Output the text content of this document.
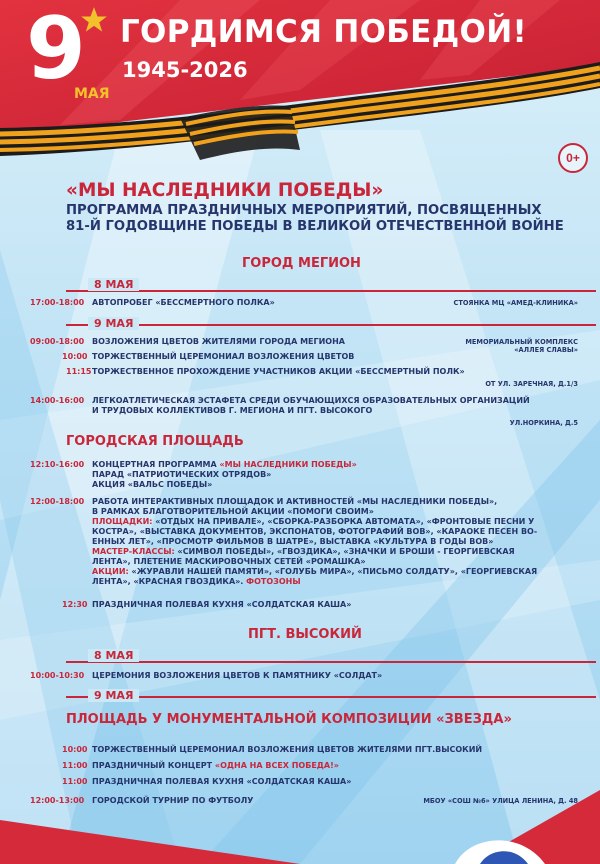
9
МАЯ
ГОРДИМСЯ ПОБЕДОЙ!
1945-2026
0+
«МЫ НАСЛЕДНИКИ ПОБЕДЫ»
ПРОГРАММА ПРАЗДНИЧНЫХ МЕРОПРИЯТИЙ, ПОСВЯЩЕННЫХ
81-Й ГОДОВЩИНЕ ПОБЕДЫ В ВЕЛИКОЙ ОТЕЧЕСТВЕННОЙ ВОЙНЕ
ГОРОД МЕГИОН
8 МАЯ
17:00-18:00 АВТОПРОБЕГ «БЕССМЕРТНОГО ПОЛКА»	СТОЯНКА МЦ «АМЕД-КЛИНИКА»
9 МАЯ
09:00-18:00 ВОЗЛОЖЕНИЯ ЦВЕТОВ ЖИТЕЛЯМИ ГОРОДА МЕГИОНА	МЕМОРИАЛЬНЫЙ КОМПЛЕКС
«АЛЛЕЯ СЛАВЫ»
10:00 ТОРЖЕСТВЕННЫЙ ЦЕРЕМОНИАЛ ВОЗЛОЖЕНИЯ ЦВЕТОВ
11:15 ТОРЖЕСТВЕННОЕ ПРОХОЖДЕНИЕ УЧАСТНИКОВ АКЦИИ «БЕССМЕРТНЫЙ ПОЛК»
ОТ УЛ. ЗАРЕЧНАЯ, Д.1/3
14:00-16:00 ЛЕГКОАТЛЕТИЧЕСКАЯ ЭСТАФЕТА СРЕДИ ОБУЧАЮЩИХСЯ ОБРАЗОВАТЕЛЬНЫХ ОРГАНИЗАЦИЙ
И ТРУДОВЫХ КОЛЛЕКТИВОВ Г. МЕГИОНА И ПГТ. ВЫСОКОГО
УЛ.НОРКИНА, Д.5
ГОРОДСКАЯ ПЛОЩАДЬ
12:10-16:00 КОНЦЕРТНАЯ ПРОГРАММА «МЫ НАСЛЕДНИКИ ПОБЕДЫ»
ПАРАД «ПАТРИОТИЧЕСКИХ ОТРЯДОВ»
АКЦИЯ «ВАЛЬС ПОБЕДЫ»
12:00-18:00 РАБОТА ИНТЕРАКТИВНЫХ ПЛОЩАДОК И АКТИВНОСТЕЙ «МЫ НАСЛЕДНИКИ ПОБЕДЫ»,
В РАМКАХ БЛАГОТВОРИТЕЛЬНОЙ АКЦИИ «ПОМОГИ СВОИМ»
ПЛОЩАДКИ: «ОТДЫХ НА ПРИВАЛЕ», «СБОРКА-РАЗБОРКА АВТОМАТА», «ФРОНТОВЫЕ ПЕСНИ У
КОСТРА», «ВЫСТАВКА ДОКУМЕНТОВ, ЭКСПОНАТОВ, ФОТОГРАФИЙ ВОВ», «КАРАОКЕ ПЕСЕН ВО-
ЕННЫХ ЛЕТ», «ПРОСМОТР ФИЛЬМОВ В ШАТРЕ», ВЫСТАВКА «КУЛЬТУРА В ГОДЫ ВОВ»
МАСТЕР-КЛАССЫ: «СИМВОЛ ПОБЕДЫ», «ГВОЗДИКА», «ЗНАЧКИ И БРОШИ - ГЕОРГИЕВСКАЯ
ЛЕНТА», ПЛЕТЕНИЕ МАСКИРОВОЧНЫХ СЕТЕЙ «РОМАШКА»
АКЦИИ: «ЖУРАВЛИ НАШЕЙ ПАМЯТИ», «ГОЛУБЬ МИРА», «ПИСЬМО СОЛДАТУ», «ГЕОРГИЕВСКАЯ
ЛЕНТА», «КРАСНАЯ ГВОЗДИКА». ФОТОЗОНЫ
12:30 ПРАЗДНИЧНАЯ ПОЛЕВАЯ КУХНЯ «СОЛДАТСКАЯ КАША»
ПГТ. ВЫСОКИЙ
8 МАЯ
10:00-10:30 ЦЕРЕМОНИЯ ВОЗЛОЖЕНИЯ ЦВЕТОВ К ПАМЯТНИКУ «СОЛДАТ»
9 МАЯ
ПЛОЩАДЬ У МОНУМЕНТАЛЬНОЙ КОМПОЗИЦИИ «ЗВЕЗДА»
10:00 ТОРЖЕСТВЕННЫЙ ЦЕРЕМОНИАЛ ВОЗЛОЖЕНИЯ ЦВЕТОВ ЖИТЕЛЯМИ ПГТ.ВЫСОКИЙ
11:00 ПРАЗДНИЧНЫЙ КОНЦЕРТ «ОДНА НА ВСЕХ ПОБЕДА!»
11:00 ПРАЗДНИЧНАЯ ПОЛЕВАЯ КУХНЯ «СОЛДАТСКАЯ КАША»
12:00-13:00 ГОРОДСКОЙ ТУРНИР ПО ФУТБОЛУ	МБОУ «СОШ №6» УЛИЦА ЛЕНИНА, Д. 48
